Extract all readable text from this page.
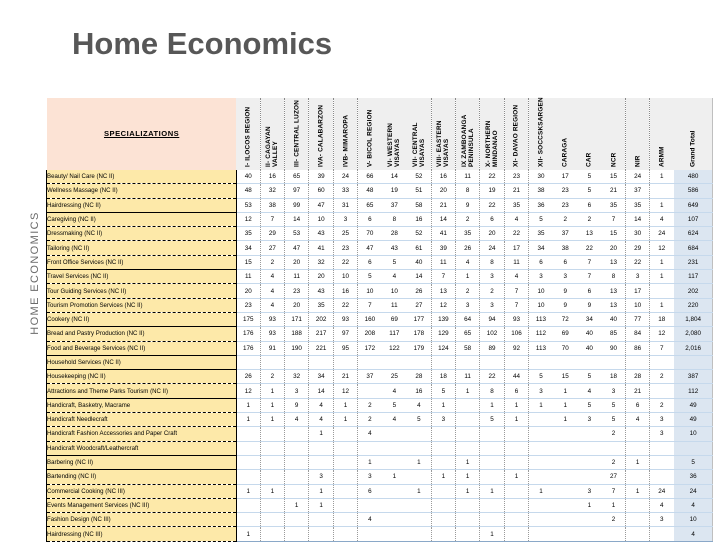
Home Economics
HOME ECONOMICS
SPECIALIZATIONS	I- ILOCOS REGION	II- CAGAYAN VALLEY	III- CENTRAL LUZON	IVA- CALABARZON	IVB- MIMAROPA	V- BICOL REGION	VI- WESTERN VISAYAS	VII- CENTRAL VISAYAS	VIII- EASTERN VISAYAS	IX ZAMBOANGA PENINSULA	X- NORTHERN MINDANAO	XI- DAVAO REGION	XII- SOCCSKSARGEN	CARAGA	CAR	NCR	NIR	ARMM	Grand Total

Beauty/ Nail Care (NC II)	40	16	65	39	24	66	14	52	16	11	22	23	30	17	5	15	24	1	480
Wellness Massage (NC II)	48	32	97	60	33	48	19	51	20	8	19	21	38	23	5	21	37		586
Hairdressing (NC II)	53	38	99	47	31	65	37	58	21	9	22	35	36	23	6	35	35	1	649
Caregiving (NC II)	12	7	14	10	3	6	8	16	14	2	6	4	5	2	2	7	14	4	107
Dressmaking (NC II)	35	29	53	43	25	70	28	52	41	35	20	22	35	37	13	15	30	24	624
Tailoring (NC II)	34	27	47	41	23	47	43	61	39	26	24	17	34	38	22	20	29	12	684
Front Office Services (NC II)	15	2	20	32	22	6	5	40	11	4	8	11	6	6	7	13	22	1	231
Travel Services (NC II)	11	4	11	20	10	5	4	14	7	1	3	4	3	3	7	8	3	1	117
Tour Guiding Services (NC II)	20	4	23	43	16	10	10	26	13	2	2	7	10	9	6	13	17		202
Tourism Promotion Services (NC II)	23	4	20	35	22	7	11	27	12	3	3	7	10	9	9	13	10	1	220
Cookery (NC II)	175	93	171	202	93	160	69	177	139	64	94	93	113	72	34	40	77	18	1,804
Bread and Pastry Production (NC II)	176	93	188	217	97	208	117	178	129	65	102	106	112	69	40	85	84	12	2,080
Food and Beverage Services (NC II)	176	91	190	221	95	172	122	179	124	58	89	92	113	70	40	90	86	7	2,016
Household Services (NC II)																			
Housekeeping (NC II)	26	2	32	34	21	37	25	28	18	11	22	44	5	15	5	18	28	2	387
Attractions and Theme Parks Tourism (NC II)	12	1	3	14	12		4	16	5	1	8	6	3	1	4	3	21		112
Handicraft, Basketry, Macrame	1	1	9	4	1	2	5	4	1		1	1	1	1	5	5	6	2	49
Handicraft Needlecraft	1	1	4	4	1	2	4	5	3		5	1		1	3	5	4	3	49
Handicraft Fashion Accessories and Paper Craft				1		4										2		3	10
Handicraft Woodcraft/Leathercraft																			
Barbering (NC II)						1		1		1						2	1		5
Bartending (NC II)				3		3	1		1	1		1				27			36
Commercial Cooking (NC III)	1	1		1		6		1		1	1		1		3	7	1	24	24
Events Management Services (NC III)			1	1											1	1		4	4
Fashion Design (NC III)						4										2		3	10
Hairdressing (NC III)	1										1								4
